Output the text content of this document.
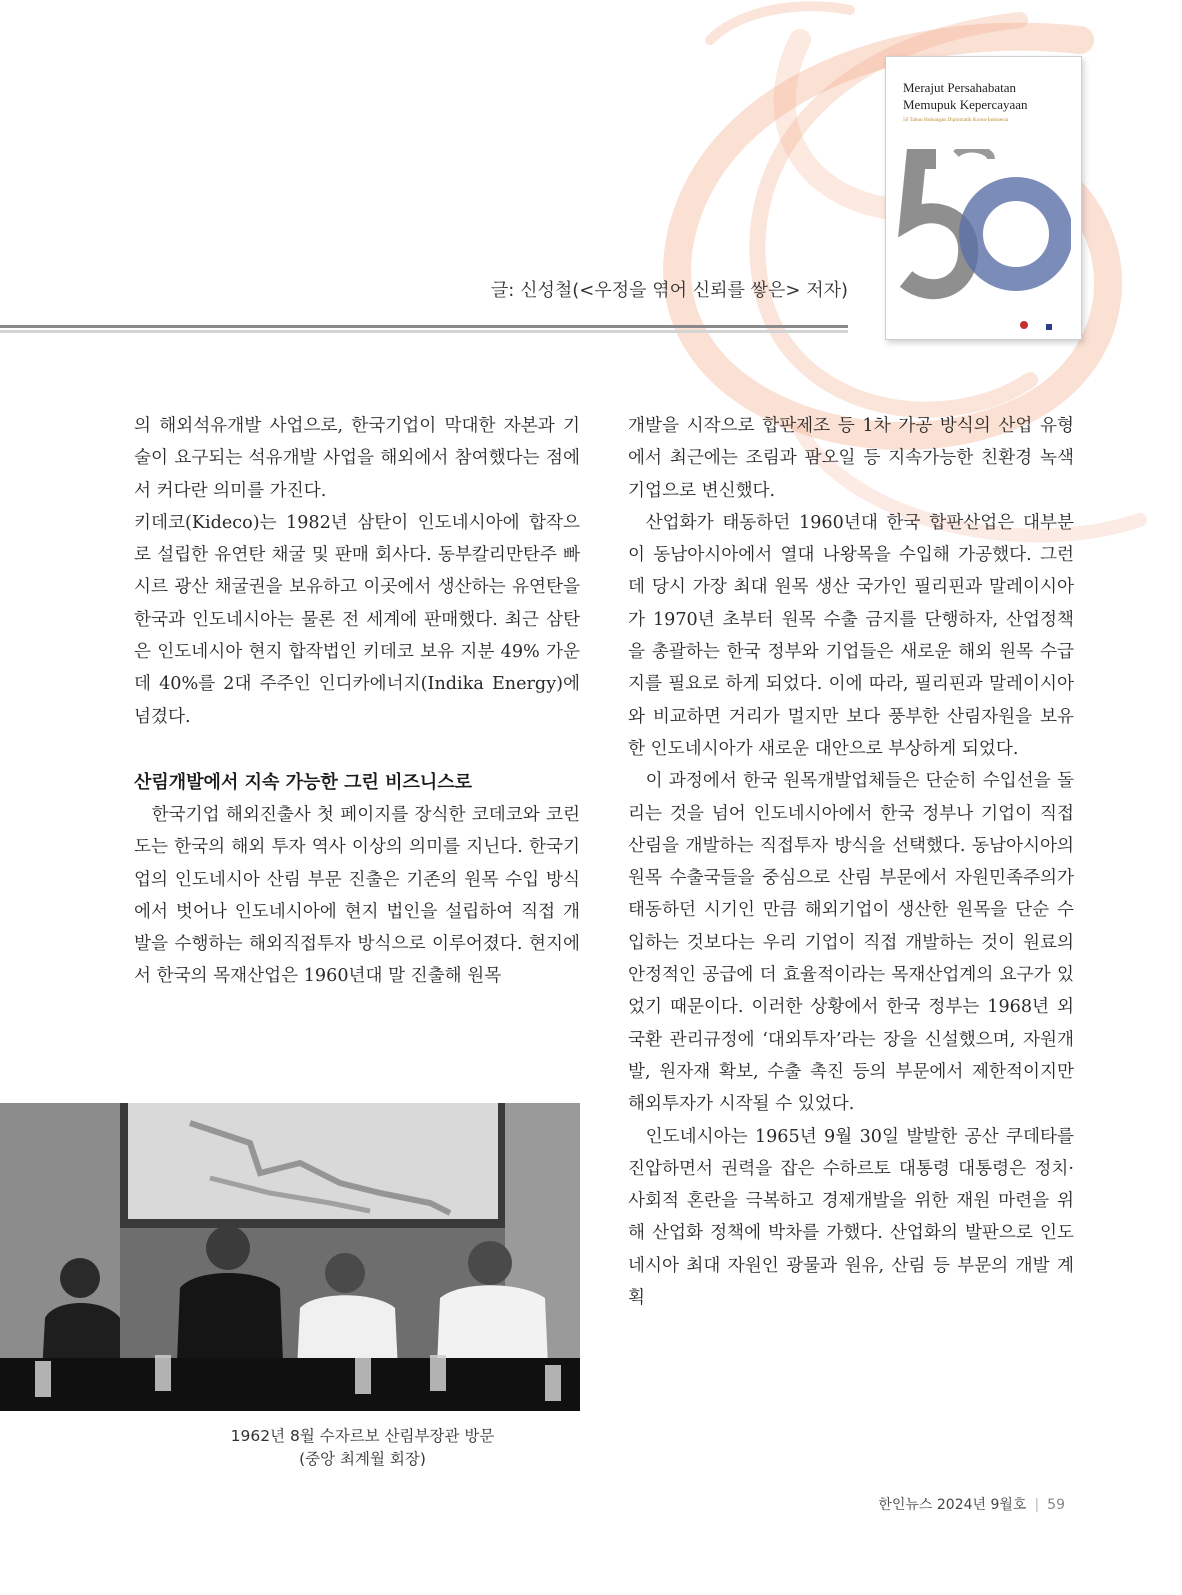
Merajut Persahabatan
Memupuk Kepercayaan
50 Tahun Hubungan Diplomatik Korea-Indonesia
글: 신성철(<우정을 엮어 신뢰를 쌓은> 저자)

의 해외석유개발 사업으로, 한국기업이 막대한 자본과 기술이 요구되는 석유개발 사업을 해외에서 참여했다는 점에서 커다란 의미를 가진다.

키데코(Kideco)는 1982년 삼탄이 인도네시아에 합작으로 설립한 유연탄 채굴 및 판매 회사다. 동부칼리만탄주 빠시르 광산 채굴권을 보유하고 이곳에서 생산하는 유연탄을 한국과 인도네시아는 물론 전 세계에 판매했다. 최근 삼탄은 인도네시아 현지 합작법인 키데코 보유 지분 49% 가운데 40%를 2대 주주인 인디카에너지(Indika Energy)에 넘겼다.

산림개발에서 지속 가능한 그린 비즈니스로

한국기업 해외진출사 첫 페이지를 장식한 코데코와 코린도는 한국의 해외 투자 역사 이상의 의미를 지닌다. 한국기업의 인도네시아 산림 부문 진출은 기존의 원목 수입 방식에서 벗어나 인도네시아에 현지 법인을 설립하여 직접 개발을 수행하는 해외직접투자 방식으로 이루어졌다. 현지에서 한국의 목재산업은 1960년대 말 진출해 원목

개발을 시작으로 합판제조 등 1차 가공 방식의 산업 유형에서 최근에는 조림과 팜오일 등 지속가능한 친환경 녹색기업으로 변신했다.

산업화가 태동하던 1960년대 한국 합판산업은 대부분이 동남아시아에서 열대 나왕목을 수입해 가공했다. 그런데 당시 가장 최대 원목 생산 국가인 필리핀과 말레이시아가 1970년 초부터 원목 수출 금지를 단행하자, 산업정책을 총괄하는 한국 정부와 기업들은 새로운 해외 원목 수급지를 필요로 하게 되었다. 이에 따라, 필리핀과 말레이시아와 비교하면 거리가 멀지만 보다 풍부한 산림자원을 보유한 인도네시아가 새로운 대안으로 부상하게 되었다.

이 과정에서 한국 원목개발업체들은 단순히 수입선을 돌리는 것을 넘어 인도네시아에서 한국 정부나 기업이 직접 산림을 개발하는 직접투자 방식을 선택했다. 동남아시아의 원목 수출국들을 중심으로 산림 부문에서 자원민족주의가 태동하던 시기인 만큼 해외기업이 생산한 원목을 단순 수입하는 것보다는 우리 기업이 직접 개발하는 것이 원료의 안정적인 공급에 더 효율적이라는 목재산업계의 요구가 있었기 때문이다. 이러한 상황에서 한국 정부는 1968년 외국환 관리규정에 ‘대외투자’라는 장을 신설했으며, 자원개발, 원자재 확보, 수출 촉진 등의 부문에서 제한적이지만 해외투자가 시작될 수 있었다.

인도네시아는 1965년 9월 30일 발발한 공산 쿠데타를 진압하면서 권력을 잡은 수하르토 대통령 대통령은 정치·사회적 혼란을 극복하고 경제개발을 위한 재원 마련을 위해 산업화 정책에 박차를 가했다. 산업화의 발판으로 인도네시아 최대 자원인 광물과 원유, 산림 등 부문의 개발 계획

1962년 8월 수자르보 산림부장관 방문
(중앙 최계월 회장)
한인뉴스 2024년 9월호 | 59
